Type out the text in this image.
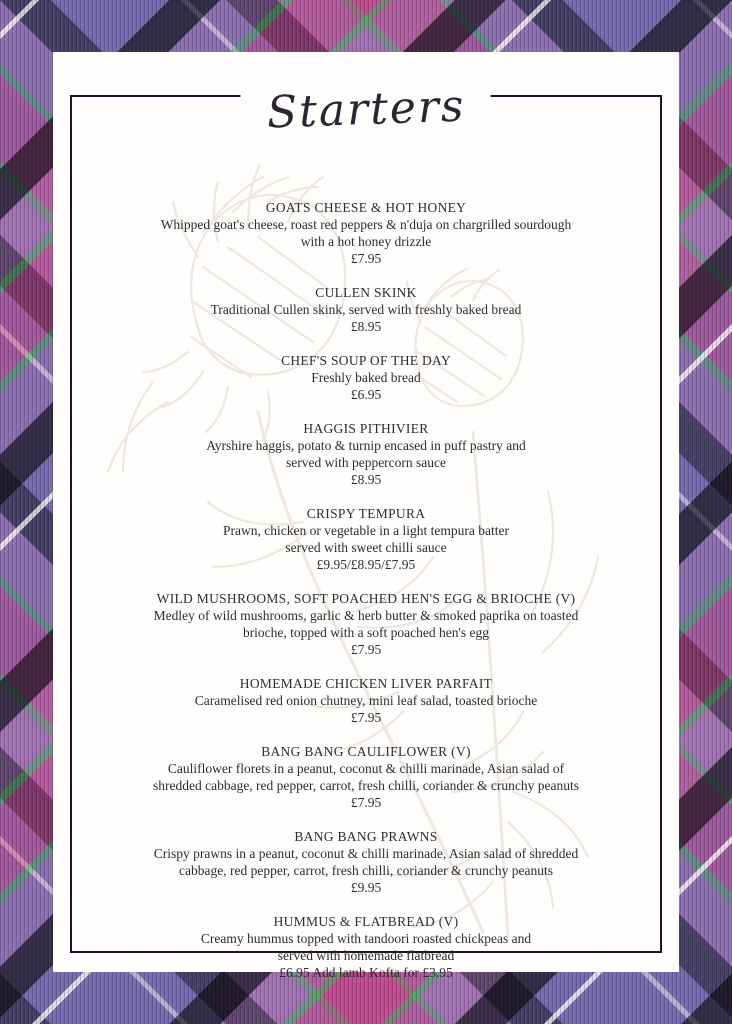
Starters
GOATS CHEESE & HOT HONEY
Whipped goat's cheese, roast red peppers & n'duja on chargrilled sourdough
with a hot honey drizzle
£7.95
CULLEN SKINK
Traditional Cullen skink, served with freshly baked bread
£8.95
CHEF'S SOUP OF THE DAY
Freshly baked bread
£6.95
HAGGIS PITHIVIER
Ayrshire haggis, potato & turnip encased in puff pastry and
served with peppercorn sauce
£8.95
CRISPY TEMPURA
Prawn, chicken or vegetable in a light tempura batter
served with sweet chilli sauce
£9.95/£8.95/£7.95
WILD MUSHROOMS, SOFT POACHED HEN'S EGG & BRIOCHE (V)
Medley of wild mushrooms, garlic & herb butter & smoked paprika on toasted
brioche, topped with a soft poached hen's egg
£7.95
HOMEMADE CHICKEN LIVER PARFAIT
Caramelised red onion chutney, mini leaf salad, toasted brioche
£7.95
BANG BANG CAULIFLOWER (V)
Cauliflower florets in a peanut, coconut & chilli marinade, Asian salad of
shredded cabbage, red pepper, carrot, fresh chilli, coriander & crunchy peanuts
£7.95
BANG BANG PRAWNS
Crispy prawns in a peanut, coconut & chilli marinade, Asian salad of shredded
cabbage, red pepper, carrot, fresh chilli, coriander & crunchy peanuts
£9.95
HUMMUS & FLATBREAD (V)
Creamy hummus topped with tandoori roasted chickpeas and
served with homemade flatbread
£6.95 Add lamb Kofta for £3.95
